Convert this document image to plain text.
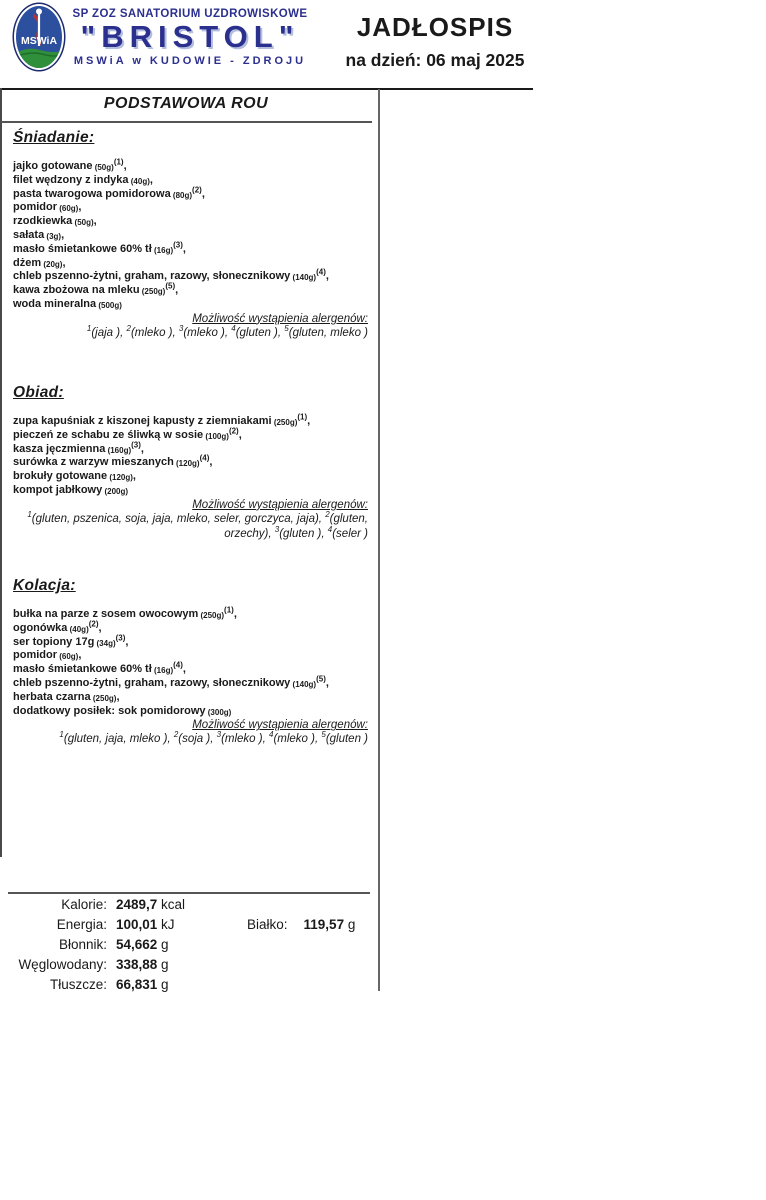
MSWiA
SP ZOZ SANATORIUM UZDROWISKOWE
"BRISTOL"
MSWiA w KUDOWIE - ZDROJU
JADŁOSPIS
na dzień: 06 maj 2025
PODSTAWOWA ROU
Śniadanie:
jajko gotowane $(50g)^{(1)}$,
filet wędzony z indyka (40g),
pasta twarogowa pomidorowa $(80g)^{(2)}$,
pomidor (60g),
rzodkiewka (50g),
sałata (3g),
masło śmietankowe 60% tł $(16g)^{(3)}$,
dżem (20g),
chleb pszenno-żytni, graham, razowy, słonecznikowy $(140g)^{(4)}$,
kawa zbożowa na mleku $(250g)^{(5)}$,
woda mineralna (500g)
Możliwość wystąpienia alergenów:
$^1$(jaja ), $^2$(mleko ), $^3$(mleko ), $^4$(gluten ), $^5$(gluten, mleko )
Obiad:
zupa kapuśniak z kiszonej kapusty z ziemniakami $(250g)^{(1)}$,
pieczeń ze schabu ze śliwką w sosie $(100g)^{(2)}$,
kasza jęczmienna $(160g)^{(3)}$,
surówka z warzyw mieszanych $(120g)^{(4)}$,
brokuły gotowane (120g),
kompot jabłkowy (200g)
Możliwość wystąpienia alergenów:
$^1$(gluten, pszenica, soja, jaja, mleko, seler, gorczyca, jaja), $^2$(gluten, orzechy), $^3$(gluten ), $^4$(seler )
Kolacja:
bułka na parze z sosem owocowym $(250g)^{(1)}$,
ogonówka $(40g)^{(2)}$,
ser topiony 17g $(34g)^{(3)}$,
pomidor (60g),
masło śmietankowe 60% tł $(16g)^{(4)}$,
chleb pszenno-żytni, graham, razowy, słonecznikowy $(140g)^{(5)}$,
herbata czarna (250g),
dodatkowy posiłek: sok pomidorowy (300g)
Możliwość wystąpienia alergenów:
$^1$(gluten, jaja, mleko ), $^2$(soja ), $^3$(mleko ), $^4$(mleko ), $^5$(gluten )
Kalorie: 2489,7 kcal
Energia: 100,01 kJ	Białko: 119,57 g
Błonnik: 54,662 g
Węglowodany: 338,88 g
Tłuszcze: 66,831 g
